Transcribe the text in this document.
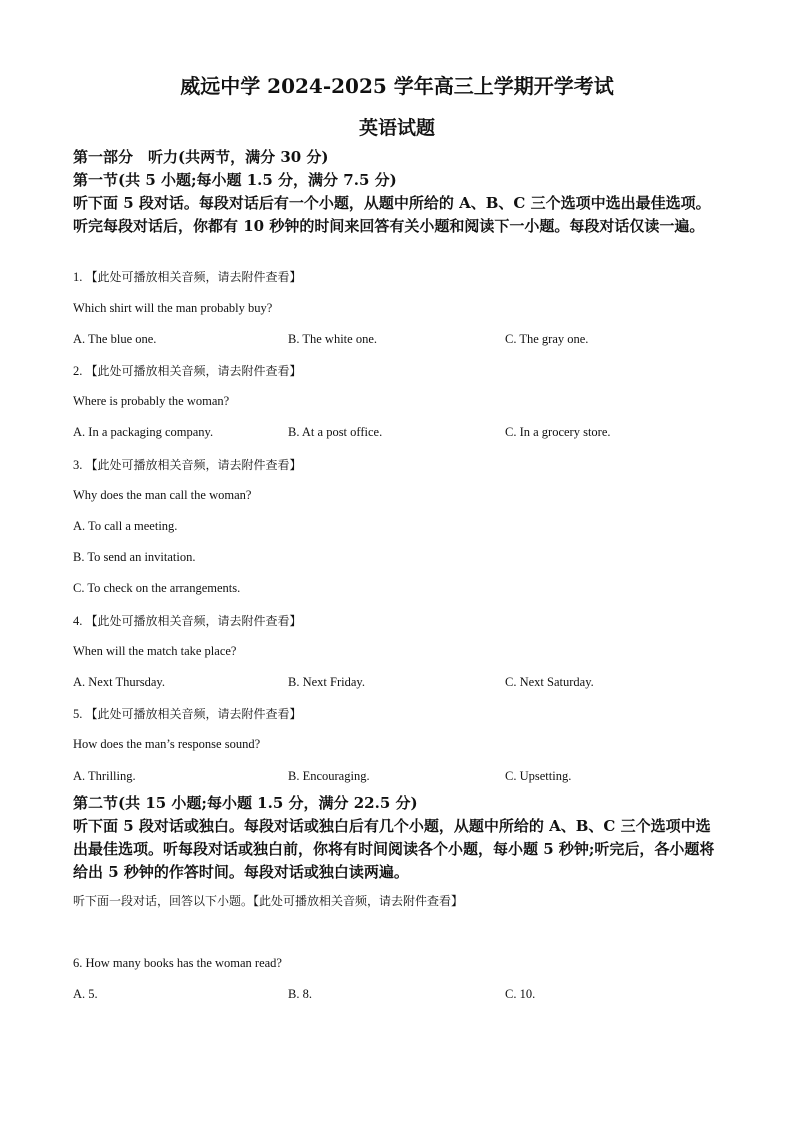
威远中学 2024-2025 学年高三上学期开学考试
英语试题
第一部分　听力(共两节，满分 30 分)
第一节(共 5 小题;每小题 1.5 分，满分 7.5 分)
听下面 5 段对话。每段对话后有一个小题，从题中所给的 A、B、C 三个选项中选出最佳选项。听完每段对话后，你都有 10 秒钟的时间来回答有关小题和阅读下一小题。每段对话仅读一遍。
1. 【此处可播放相关音频，请去附件查看】
Which shirt will the man probably buy?
A. The blue one.	B. The white one.	C. The gray one.
2. 【此处可播放相关音频，请去附件查看】
Where is probably the woman?
A. In a packaging company.	B. At a post office.	C. In a grocery store.
3. 【此处可播放相关音频，请去附件查看】
Why does the man call the woman?
A. To call a meeting.
B. To send an invitation.
C. To check on the arrangements.
4. 【此处可播放相关音频，请去附件查看】
When will the match take place?
A. Next Thursday.	B. Next Friday.	C. Next Saturday.
5. 【此处可播放相关音频，请去附件查看】
How does the man’s response sound?
A. Thrilling.	B. Encouraging.	C. Upsetting.
第二节(共 15 小题;每小题 1.5 分，满分 22.5 分)
听下面 5 段对话或独白。每段对话或独白后有几个小题，从题中所给的 A、B、C 三个选项中选出最佳选项。听每段对话或独白前，你将有时间阅读各个小题，每小题 5 秒钟;听完后，各小题将给出 5 秒钟的作答时间。每段对话或独白读两遍。
听下面一段对话，回答以下小题。【此处可播放相关音频，请去附件查看】
6. How many books has the woman read?
A. 5.	B. 8.	C. 10.
